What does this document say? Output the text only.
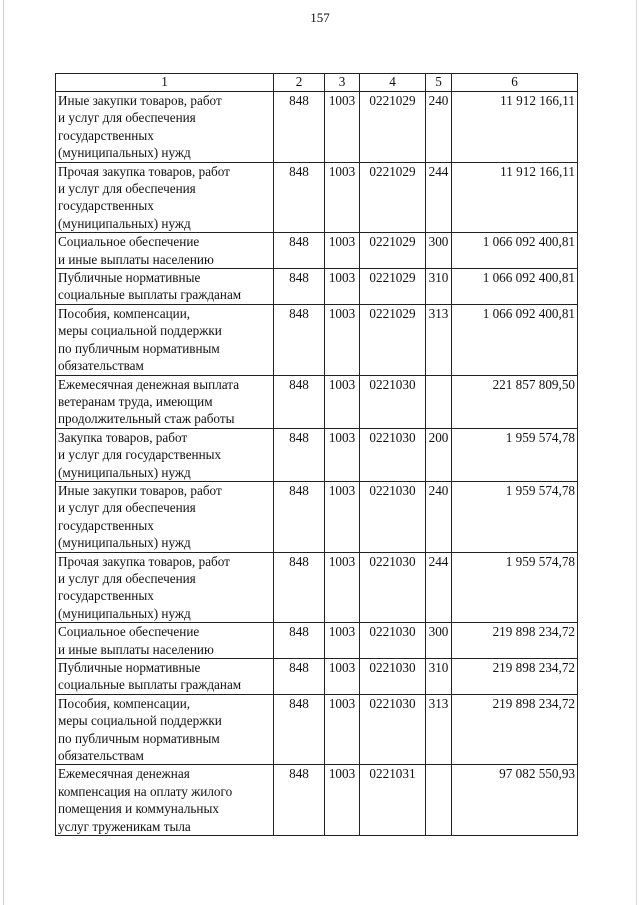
157
1	2	3	4	5	6
Иные закупки товаров, работ
и услуг для обеспечения
государственных
(муниципальных) нужд	848	1003	0221029	240	11 912 166,11
Прочая закупка товаров, работ
и услуг для обеспечения
государственных
(муниципальных) нужд	848	1003	0221029	244	11 912 166,11
Социальное обеспечение
и иные выплаты населению	848	1003	0221029	300	1 066 092 400,81
Публичные нормативные
социальные выплаты гражданам	848	1003	0221029	310	1 066 092 400,81
Пособия, компенсации,
меры социальной поддержки
по публичным нормативным
обязательствам	848	1003	0221029	313	1 066 092 400,81
Ежемесячная денежная выплата
ветеранам труда, имеющим
продолжительный стаж работы	848	1003	0221030		221 857 809,50
Закупка товаров, работ
и услуг для государственных
(муниципальных) нужд	848	1003	0221030	200	1 959 574,78
Иные закупки товаров, работ
и услуг для обеспечения
государственных
(муниципальных) нужд	848	1003	0221030	240	1 959 574,78
Прочая закупка товаров, работ
и услуг для обеспечения
государственных
(муниципальных) нужд	848	1003	0221030	244	1 959 574,78
Социальное обеспечение
и иные выплаты населению	848	1003	0221030	300	219 898 234,72
Публичные нормативные
социальные выплаты гражданам	848	1003	0221030	310	219 898 234,72
Пособия, компенсации,
меры социальной поддержки
по публичным нормативным
обязательствам	848	1003	0221030	313	219 898 234,72
Ежемесячная денежная
компенсация на оплату жилого
помещения и коммунальных
услуг труженикам тыла	848	1003	0221031		97 082 550,93
